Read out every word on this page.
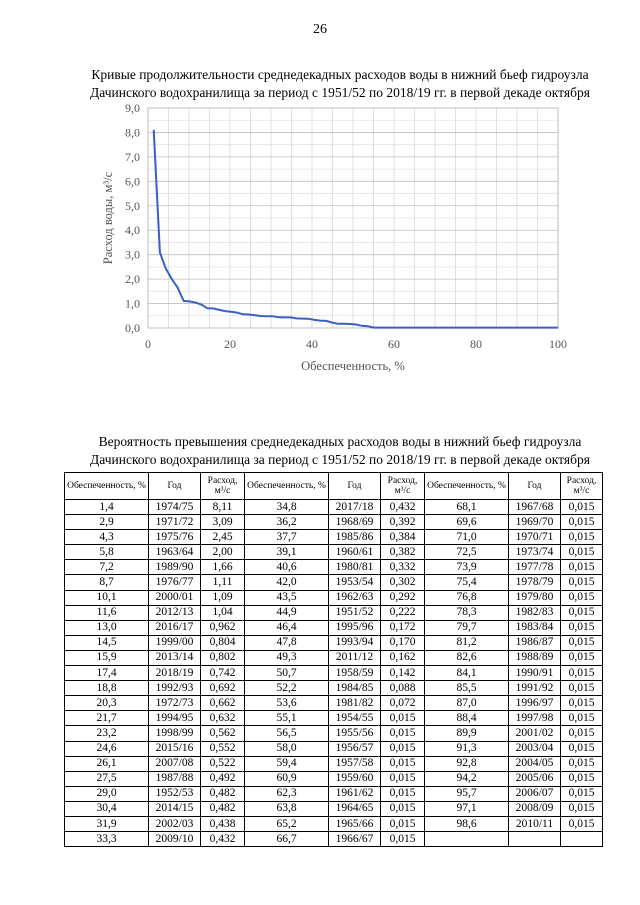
26
Кривые продолжительности среднедекадных расходов воды в нижний бьеф гидроузла
Дачинского водохранилища за период с 1951/52 по 2018/19 гг. в первой декаде октября
0,0
1,0
2,0
3,0
4,0
5,0
6,0
7,0
8,0
9,0
0	20	40	60	80	100
Обеспеченность, %
Расход воды, м³/с
Вероятность превышения среднедекадных расходов воды в нижний бьеф гидроузла
Дачинского водохранилища за период с 1951/52 по 2018/19 гг. в первой декаде октября
Обеспеченность, %	Год	Расход, м³/с	Обеспеченность, %	Год	Расход, м³/с	Обеспеченность, %	Год	Расход, м³/с
1,4	1974/75	8,11	34,8	2017/18	0,432	68,1	1967/68	0,015
2,9	1971/72	3,09	36,2	1968/69	0,392	69,6	1969/70	0,015
4,3	1975/76	2,45	37,7	1985/86	0,384	71,0	1970/71	0,015
5,8	1963/64	2,00	39,1	1960/61	0,382	72,5	1973/74	0,015
7,2	1989/90	1,66	40,6	1980/81	0,332	73,9	1977/78	0,015
8,7	1976/77	1,11	42,0	1953/54	0,302	75,4	1978/79	0,015
10,1	2000/01	1,09	43,5	1962/63	0,292	76,8	1979/80	0,015
11,6	2012/13	1,04	44,9	1951/52	0,222	78,3	1982/83	0,015
13,0	2016/17	0,962	46,4	1995/96	0,172	79,7	1983/84	0,015
14,5	1999/00	0,804	47,8	1993/94	0,170	81,2	1986/87	0,015
15,9	2013/14	0,802	49,3	2011/12	0,162	82,6	1988/89	0,015
17,4	2018/19	0,742	50,7	1958/59	0,142	84,1	1990/91	0,015
18,8	1992/93	0,692	52,2	1984/85	0,088	85,5	1991/92	0,015
20,3	1972/73	0,662	53,6	1981/82	0,072	87,0	1996/97	0,015
21,7	1994/95	0,632	55,1	1954/55	0,015	88,4	1997/98	0,015
23,2	1998/99	0,562	56,5	1955/56	0,015	89,9	2001/02	0,015
24,6	2015/16	0,552	58,0	1956/57	0,015	91,3	2003/04	0,015
26,1	2007/08	0,522	59,4	1957/58	0,015	92,8	2004/05	0,015
27,5	1987/88	0,492	60,9	1959/60	0,015	94,2	2005/06	0,015
29,0	1952/53	0,482	62,3	1961/62	0,015	95,7	2006/07	0,015
30,4	2014/15	0,482	63,8	1964/65	0,015	97,1	2008/09	0,015
31,9	2002/03	0,438	65,2	1965/66	0,015	98,6	2010/11	0,015
33,3	2009/10	0,432	66,7	1966/67	0,015			
